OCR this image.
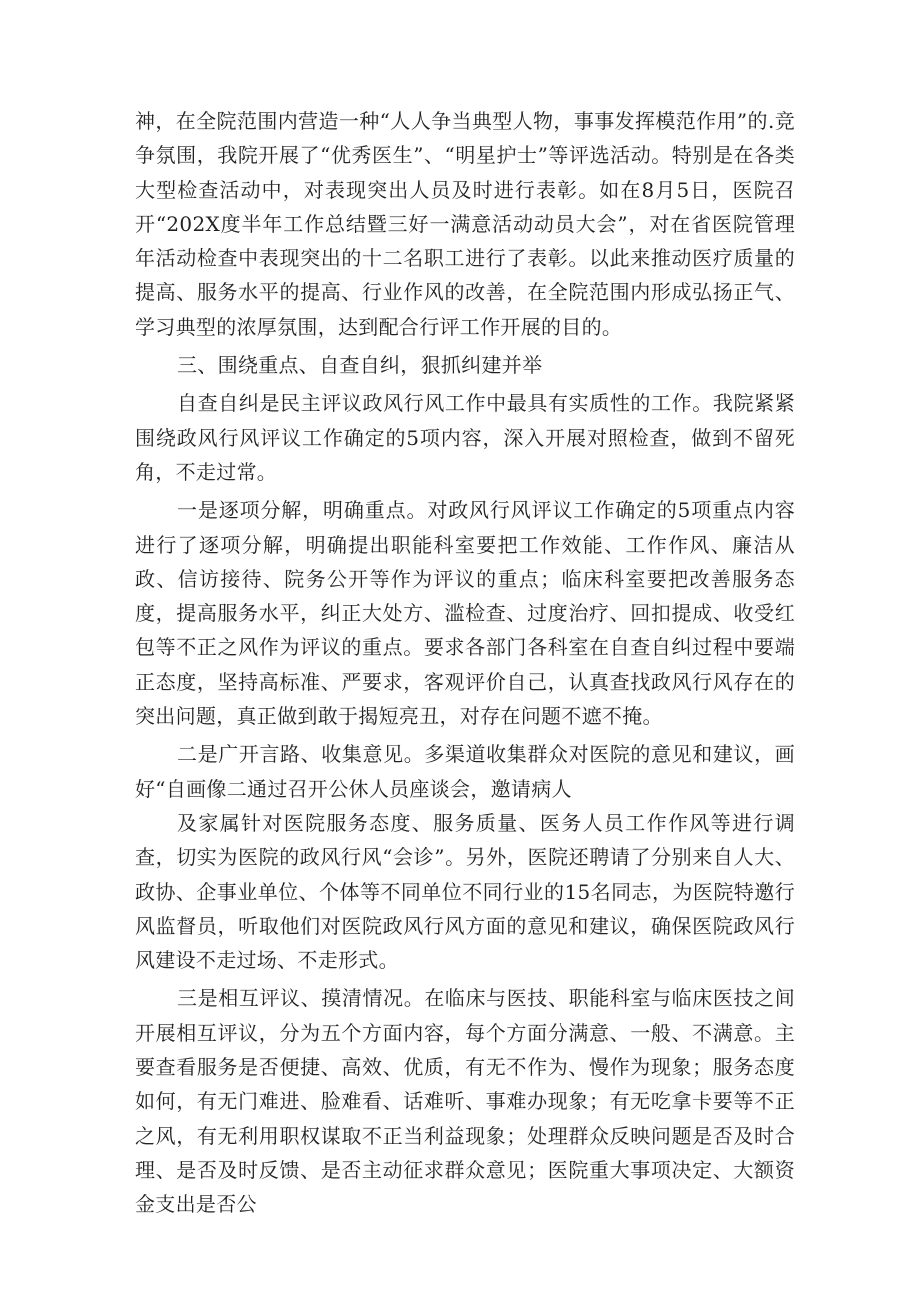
神，在全院范围内营造一种“人人争当典型人物，事事发挥模范作用”的.竞争氛围，我院开展了“优秀医生”、“明星护士”等评选活动。特别是在各类大型检查活动中，对表现突出人员及时进行表彰。如在8月5日，医院召开“202X度半年工作总结暨三好一满意活动动员大会”，对在省医院管理年活动检查中表现突出的十二名职工进行了表彰。以此来推动医疗质量的提高、服务水平的提高、行业作风的改善，在全院范围内形成弘扬正气、学习典型的浓厚氛围，达到配合行评工作开展的目的。

三、围绕重点、自查自纠，狠抓纠建并举

自查自纠是民主评议政风行风工作中最具有实质性的工作。我院紧紧围绕政风行风评议工作确定的5项内容，深入开展对照检查，做到不留死角，不走过常。

一是逐项分解，明确重点。对政风行风评议工作确定的5项重点内容进行了逐项分解，明确提出职能科室要把工作效能、工作作风、廉洁从政、信访接待、院务公开等作为评议的重点；临床科室要把改善服务态度，提高服务水平，纠正大处方、滥检查、过度治疗、回扣提成、收受红包等不正之风作为评议的重点。要求各部门各科室在自查自纠过程中要端正态度，坚持高标准、严要求，客观评价自己，认真查找政风行风存在的突出问题，真正做到敢于揭短亮丑，对存在问题不遮不掩。

二是广开言路、收集意见。多渠道收集群众对医院的意见和建议，画好“自画像二通过召开公休人员座谈会，邀请病人

及家属针对医院服务态度、服务质量、医务人员工作作风等进行调查，切实为医院的政风行风“会诊”。另外，医院还聘请了分别来自人大、政协、企事业单位、个体等不同单位不同行业的15名同志，为医院特邀行风监督员，听取他们对医院政风行风方面的意见和建议，确保医院政风行风建设不走过场、不走形式。

三是相互评议、摸清情况。在临床与医技、职能科室与临床医技之间开展相互评议，分为五个方面内容，每个方面分满意、一般、不满意。主要查看服务是否便捷、高效、优质，有无不作为、慢作为现象；服务态度如何，有无门难进、脸难看、话难听、事难办现象；有无吃拿卡要等不正之风，有无利用职权谋取不正当利益现象；处理群众反映问题是否及时合理、是否及时反馈、是否主动征求群众意见；医院重大事项决定、大额资金支出是否公
